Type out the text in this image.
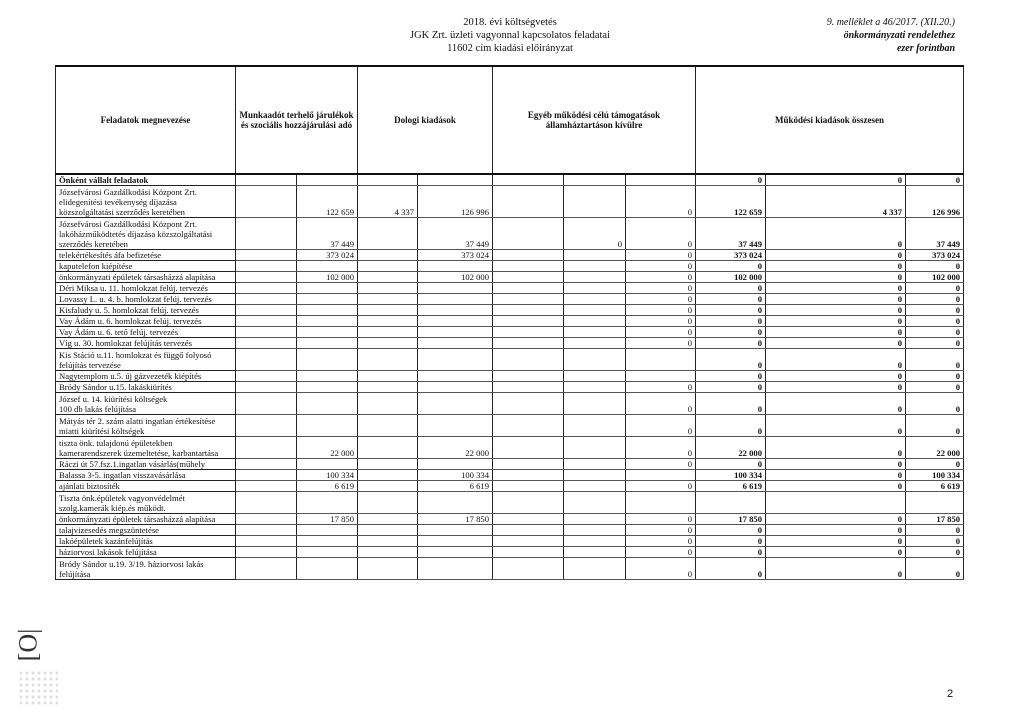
2018. évi költségvetés
JGK Zrt. üzleti vagyonnal kapcsolatos feladatai
11602 cím kiadási előirányzat
9. melléklet a 46/2017. (XII.20.)
önkormányzati rendelethez
ezer forintban
Feladatok megnevezése	Munkaadót terhelő járulékok és szociális hozzájárulási adó		Dologi kiadások		Egyéb működési célú támogatások államháztartáson kívülre			Működési kiadások összesen		

Önként vállalt feladatok								0	0	0

Józsefvárosi Gazdálkodási Központ Zrt.
elidegenítési tevékenység díjazása
közszolgáltatási szerződés keretében		122 659	4 337	126 996			0	122 659	4 337	126 996

Józsefvárosi Gazdálkodási Központ Zrt.
lakóházműködtetés díjazása közszolgáltatási
szerződés keretében		37 449		37 449		0	0	37 449	0	37 449

telekértékesítés áfa befizetése		373 024		373 024			0	373 024	0	373 024

kaputelefon kiépítése							0	0	0	0

önkormányzati épületek társasházzá alapítása		102 000		102 000			0	102 000	0	102 000

Déri Miksa u. 11. homlokzat felúj. tervezés							0	0	0	0

Lovassy L. u. 4. b. homlokzat felúj. tervezés							0	0	0	0

Kisfaludy u. 5. homlokzat felúj. tervezés							0	0	0	0

Vay Ádám u. 6. homlokzat felúj. tervezés							0	0	0	0

Vay Ádám u. 6. tető felúj. tervezés							0	0	0	0

Víg u. 30. homlokzat felújítás tervezés							0	0	0	0

Kis Stáció u.11. homlokzat és függő folyosó
felújítás tervezése								0	0	0

Nagytemplom u.5. új gázvezeték kiépítés								0	0	0

Bródy Sándor u.15. lakáskiürítés							0	0	0	0

József u. 14. kiürítési költségek
100 db lakás felújítása							0	0	0	0

Mátyás tér 2. szám alatti ingatlan értékesítése
miatti kiürítési költségek							0	0	0	0

tiszta önk. tulajdonú épületekben
kamerarendszerek üzemeltetése, karbantartása		22 000		22 000			0	22 000	0	22 000

Ráczi út 57.fsz.1.ingatlan vásárlás(műhely							0	0	0	0

Balassa 3-5. ingatlan visszavásárlása		100 334		100 334				100 334	0	100 334

ajánlati biztosíték		6 619		6 619			0	6 619	0	6 619

Tiszta önk.épületek vagyonvédelmét
szolg.kamerák kiép.és működt.										

önkormányzati épületek társasházzá alapítása		17 850		17 850			0	17 850	0	17 850

talajvizesedés megszüntetése							0	0	0	0

lakóépületek kazánfelújítás							0	0	0	0

háziorvosi lakások felújítása							0	0	0	0

Bródy Sándor u.19. 3/19. háziorvosi lakás
felújítása							0	0	0	0
2
[O|
